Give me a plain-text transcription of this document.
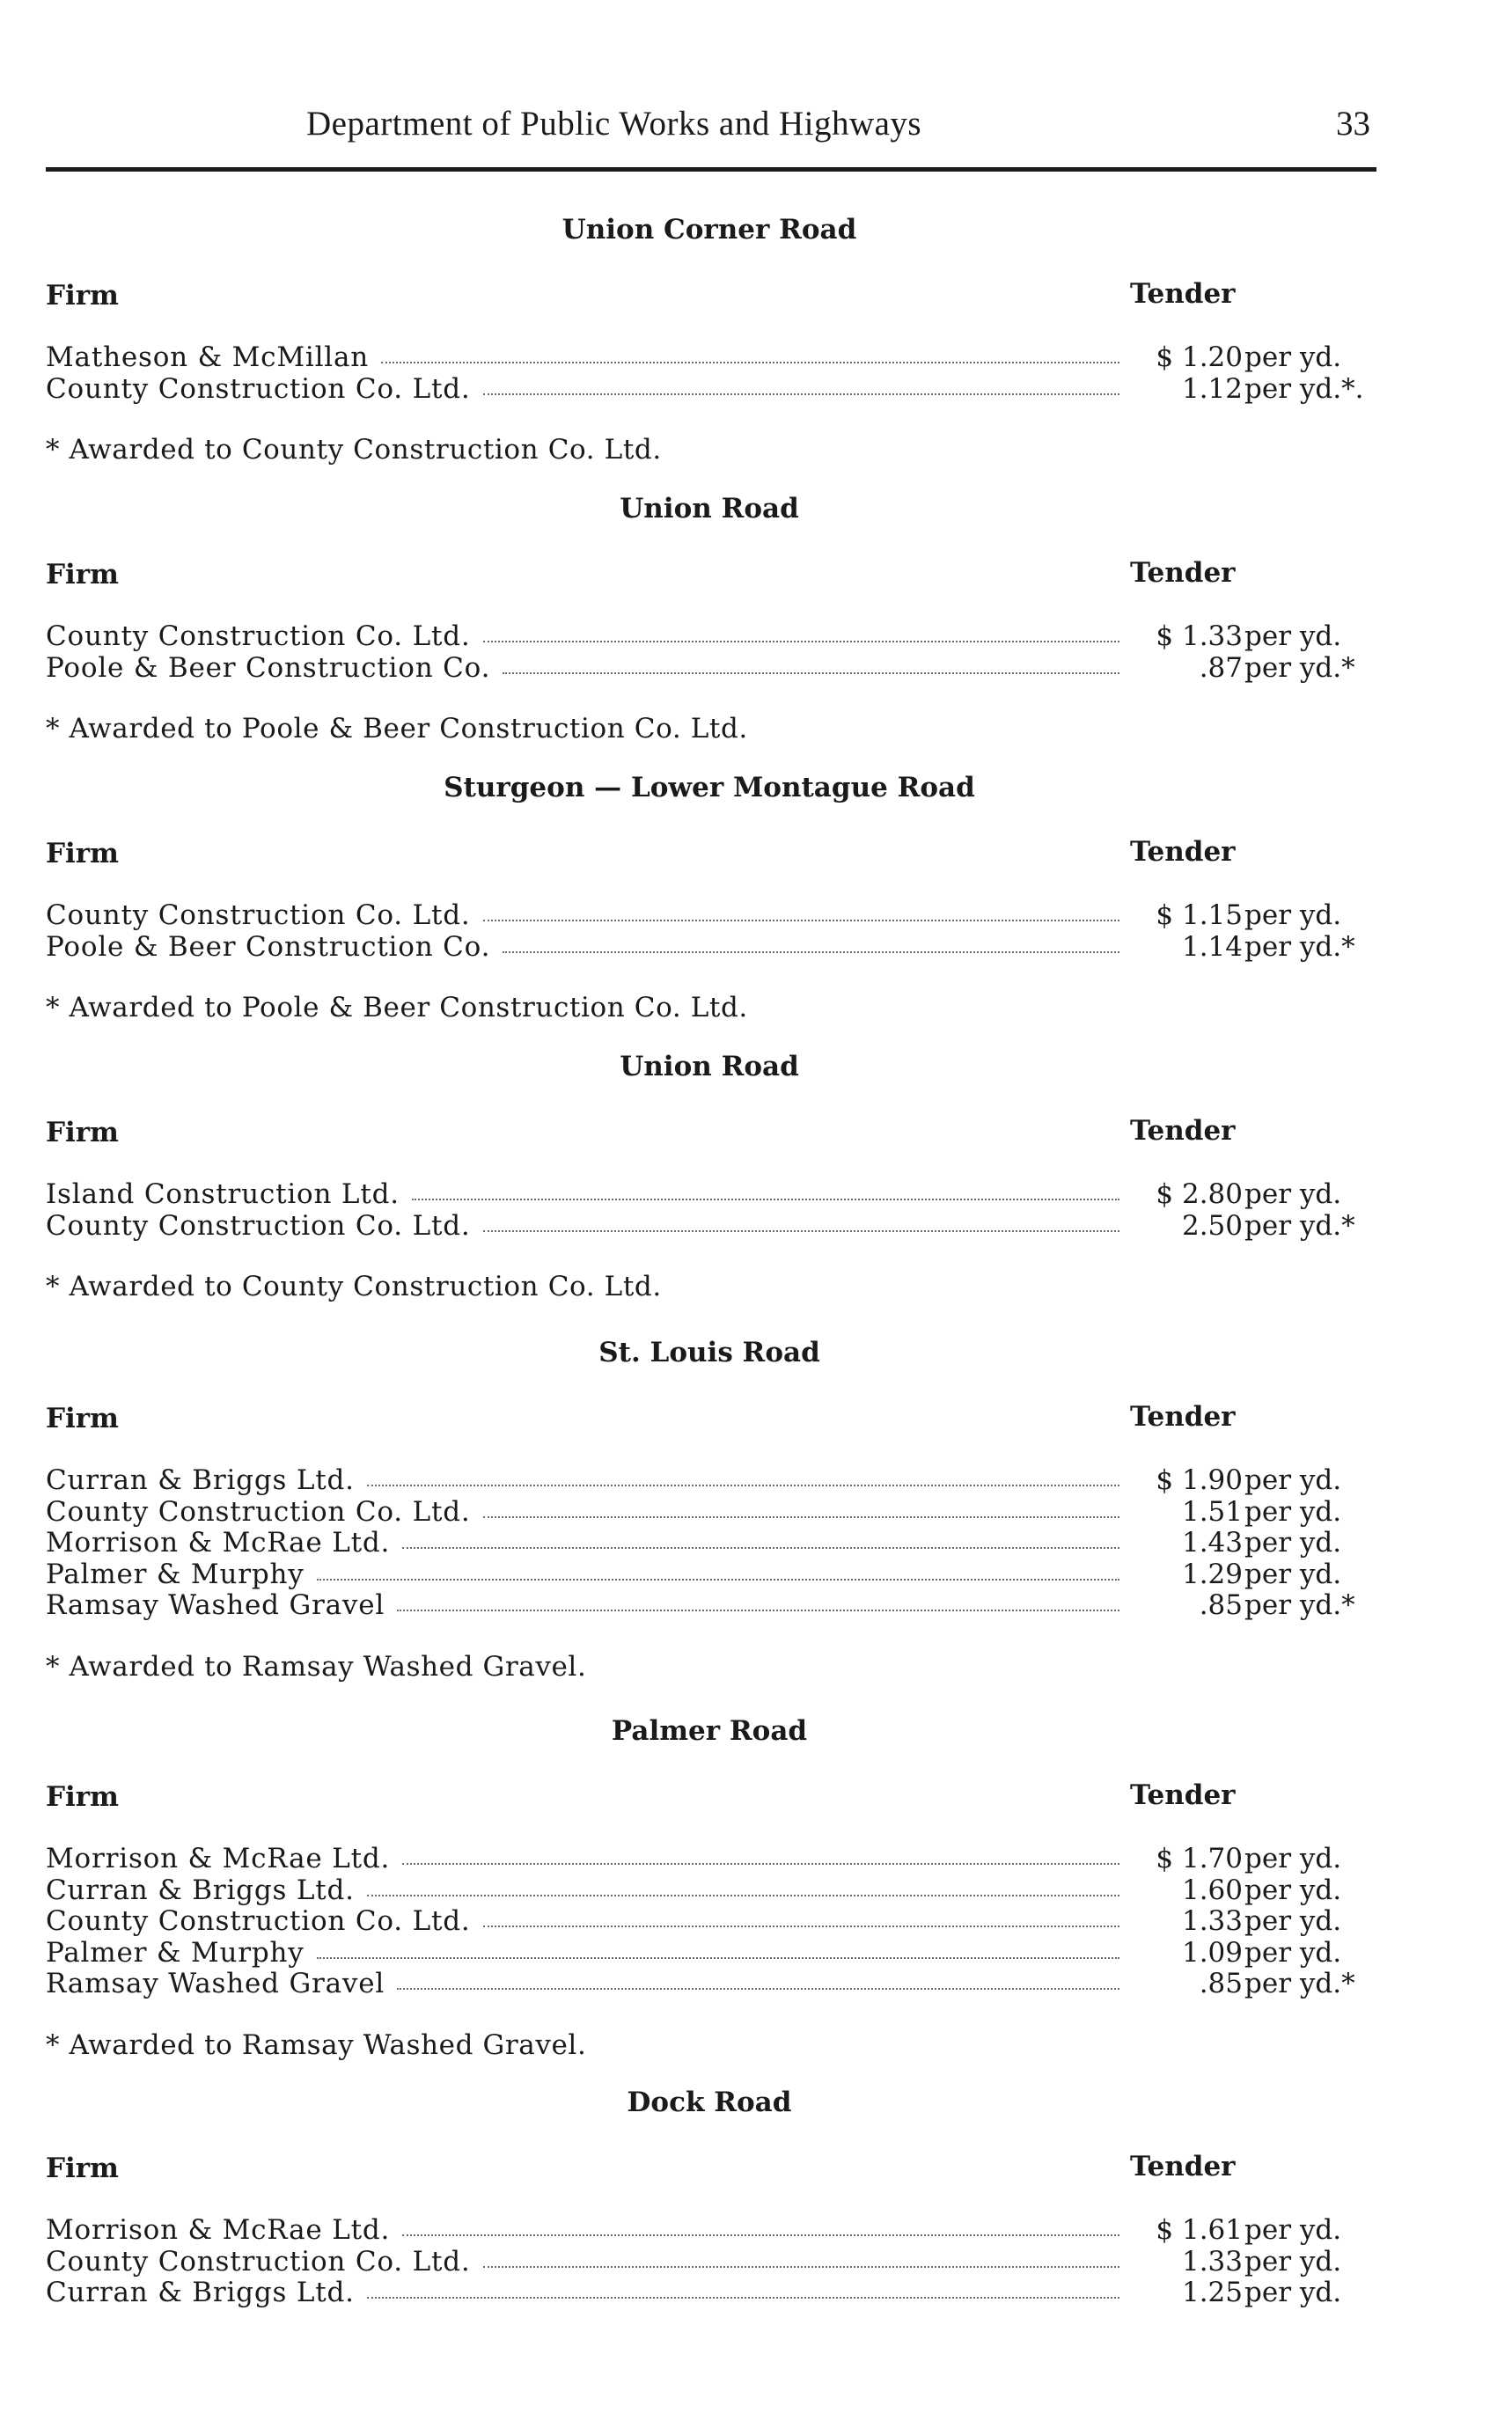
Department of Public Works and Highways	33
Union Corner Road
Firm	Tender
Matheson & McMillan	$ 1.20 per yd.
County Construction Co. Ltd.	1.12 per yd.*.
* Awarded to County Construction Co. Ltd.
Union Road
Firm	Tender
County Construction Co. Ltd.	$ 1.33 per yd.
Poole & Beer Construction Co.	.87 per yd.*
* Awarded to Poole & Beer Construction Co. Ltd.
Sturgeon — Lower Montague Road
Firm	Tender
County Construction Co. Ltd.	$ 1.15 per yd.
Poole & Beer Construction Co.	1.14 per yd.*
* Awarded to Poole & Beer Construction Co. Ltd.
Union Road
Firm	Tender
Island Construction Ltd.	$ 2.80 per yd.
County Construction Co. Ltd.	2.50 per yd.*
* Awarded to County Construction Co. Ltd.
St. Louis Road
Firm	Tender
Curran & Briggs Ltd.	$ 1.90 per yd.
County Construction Co. Ltd.	1.51 per yd.
Morrison & McRae Ltd.	1.43 per yd.
Palmer & Murphy	1.29 per yd.
Ramsay Washed Gravel	.85 per yd.*
* Awarded to Ramsay Washed Gravel.
Palmer Road
Firm	Tender
Morrison & McRae Ltd.	$ 1.70 per yd.
Curran & Briggs Ltd.	1.60 per yd.
County Construction Co. Ltd.	1.33 per yd.
Palmer & Murphy	1.09 per yd.
Ramsay Washed Gravel	.85 per yd.*
* Awarded to Ramsay Washed Gravel.
Dock Road
Firm	Tender
Morrison & McRae Ltd.	$ 1.61 per yd.
County Construction Co. Ltd.	1.33 per yd.
Curran & Briggs Ltd.	1.25 per yd.
